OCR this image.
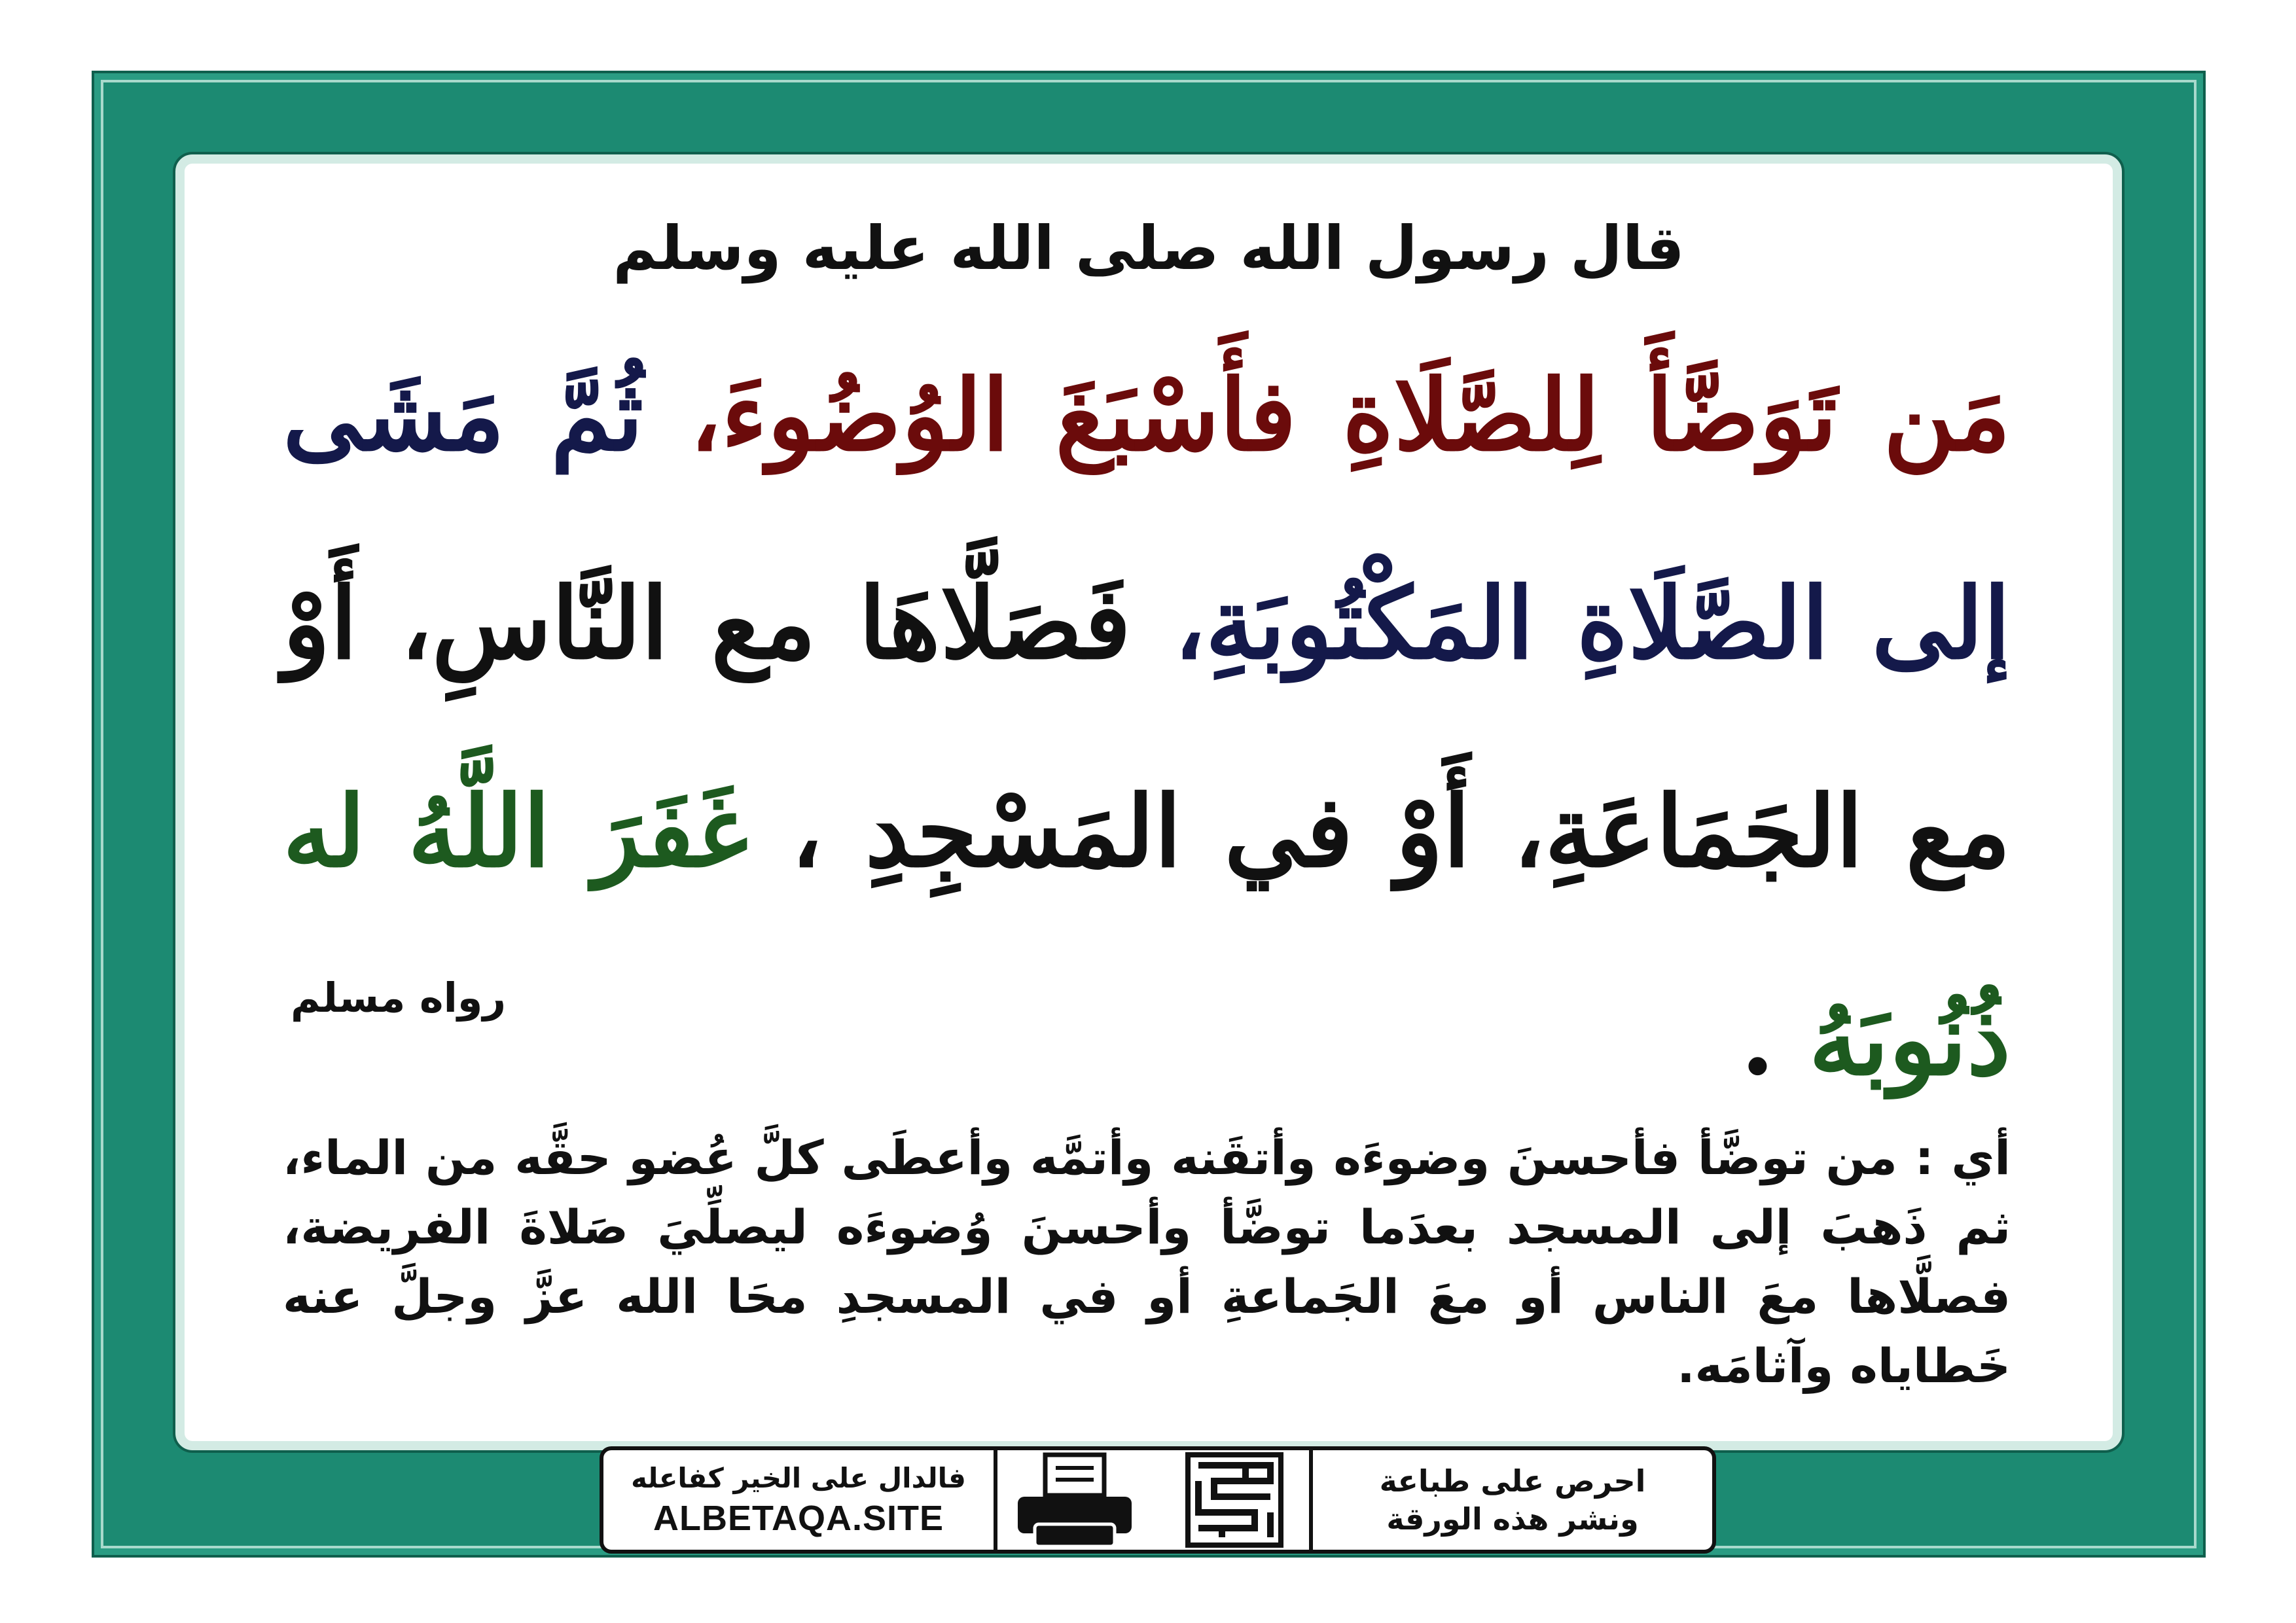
قال رسول الله صلى الله عليه وسلم

مَن تَوَضَّأَ لِلصَّلَاةِ فأَسْبَغَ الوُضُوءَ، ثُمَّ مَشَى إلى الصَّلَاةِ المَكْتُوبَةِ، فَصَلَّاهَا مع النَّاسِ، أَوْ مع الجَمَاعَةِ، أَوْ في المَسْجِدِ ، غَفَرَ اللَّهُ له ذُنُوبَهُ .

رواه مسلم

أي : من توضَّأ فأحسنَ وضوءَه وأتقَنه وأتمَّه وأعطَى كلَّ عُضو حقَّه من الماء، ثم ذَهبَ إلى المسجد بعدَما توضَّأ وأحسنَ وُضوءَه ليصلِّيَ صَلاةَ الفريضة، فصلَّاها معَ الناس أو معَ الجَماعةِ أو في المسجدِ محَا الله عزَّ وجلَّ عنه خَطاياه وآثامَه.

احرص على طباعة
ونشر هذه الورقة
فالدال على الخير كفاعله
ALBETAQA.SITE
